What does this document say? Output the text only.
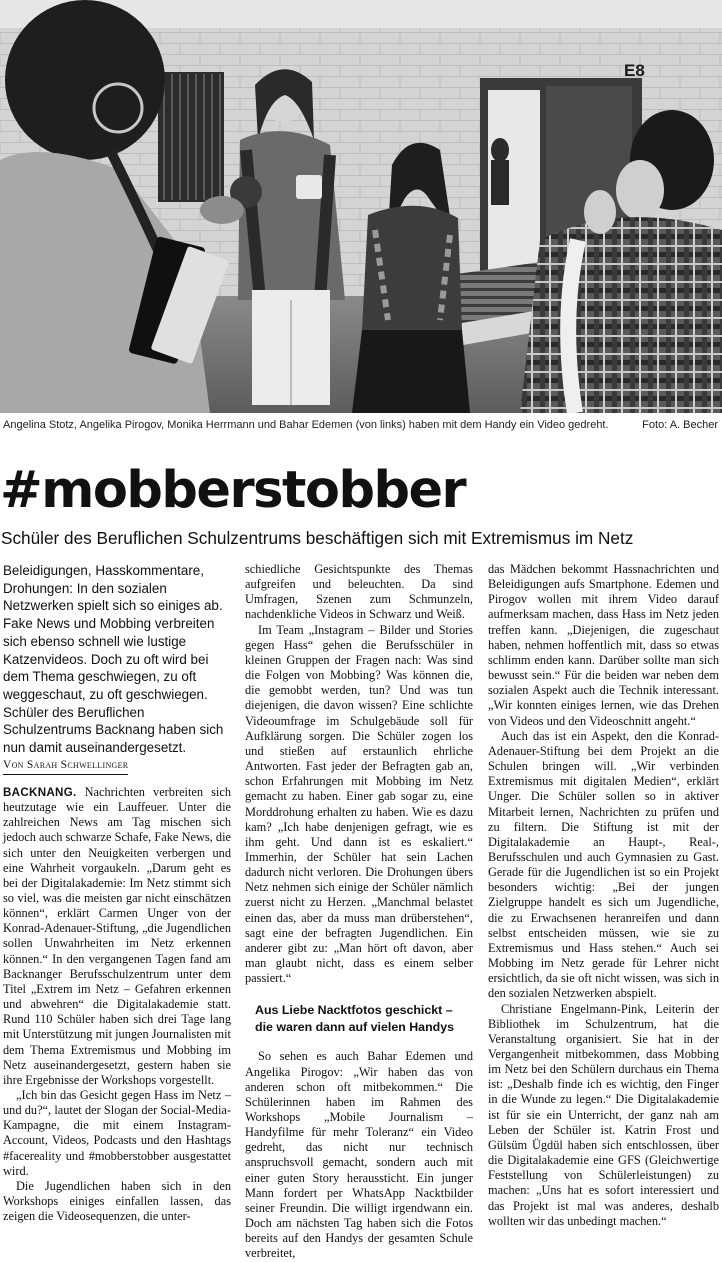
E8
Angelina Stotz, Angelika Pirogov, Monika Herrmann und Bahar Edemen (von links) haben mit dem Handy ein Video gedreht.	Foto: A. Becher
#mobberstobber
Schüler des Beruflichen Schulzentrums beschäftigen sich mit Extremismus im Netz

Beleidigungen, Hasskommentare, Drohungen: In den sozialen Netzwerken spielt sich so einiges ab. Fake News und Mobbing verbreiten sich ebenso schnell wie lustige Katzenvideos. Doch zu oft wird bei dem Thema geschwiegen, zu oft weggeschaut, zu oft geschwiegen. Schüler des Beruflichen Schulzentrums Backnang haben sich nun damit auseinandergesetzt.

Von Sarah Schwellinger

BACKNANG. Nachrichten verbreiten sich heutzutage wie ein Lauffeuer. Unter die zahlreichen News am Tag mischen sich jedoch auch schwarze Schafe, Fake News, die sich unter den Neuigkeiten verbergen und eine Wahrheit vorgaukeln. „Darum geht es bei der Digitalakademie: Im Netz stimmt sich so viel, was die meisten gar nicht einschätzen können“, erklärt Carmen Unger von der Konrad-Adenauer-Stiftung, „die Jugendlichen sollen Unwahrheiten im Netz erkennen können.“ In den vergangenen Tagen fand am Backnanger Berufsschulzentrum unter dem Titel „Extrem im Netz – Gefahren erkennen und abwehren“ die Digitalakademie statt. Rund 110 Schüler haben sich drei Tage lang mit Unterstützung mit jungen Journalisten mit dem Thema Extremismus und Mobbing im Netz auseinandergesetzt, gestern haben sie ihre Ergebnisse der Workshops vorgestellt.

„Ich bin das Gesicht gegen Hass im Netz – und du?“, lautet der Slogan der Social-Media-Kampagne, die mit einem Instagram-Account, Videos, Podcasts und den Hashtags #facereality und #mobberstobber ausgestattet wird.

Die Jugendlichen haben sich in den Workshops einiges einfallen lassen, das zeigen die Videosequenzen, die unter-

schiedliche Gesichtspunkte des Themas aufgreifen und beleuchten. Da sind Umfragen, Szenen zum Schmunzeln, nachdenkliche Videos in Schwarz und Weiß.

Im Team „Instagram – Bilder und Stories gegen Hass“ gehen die Berufsschüler in kleinen Gruppen der Fragen nach: Was sind die Folgen von Mobbing? Was können die, die gemobbt werden, tun? Und was tun diejenigen, die davon wissen? Eine schlichte Videoumfrage im Schulgebäude soll für Aufklärung sorgen. Die Schüler zogen los und stießen auf erstaunlich ehrliche Antworten. Fast jeder der Befragten gab an, schon Erfahrungen mit Mobbing im Netz gemacht zu haben. Einer gab sogar zu, eine Morddrohung erhalten zu haben. Wie es dazu kam? „Ich habe denjenigen gefragt, wie es ihm geht. Und dann ist es eskaliert.“ Immerhin, der Schüler hat sein Lachen dadurch nicht verloren. Die Drohungen übers Netz nehmen sich einige der Schüler nämlich zuerst nicht zu Herzen. „Manchmal belastet einen das, aber da muss man drüberstehen“, sagt eine der befragten Jugendlichen. Ein anderer gibt zu: „Man hört oft davon, aber man glaubt nicht, dass es einem selber passiert.“

Aus Liebe Nacktfotos geschickt – die waren dann auf vielen Handys

So sehen es auch Bahar Edemen und Angelika Pirogov: „Wir haben das von anderen schon oft mitbekommen.“ Die Schülerinnen haben im Rahmen des Workshops „Mobile Journalism – Handyfilme für mehr Toleranz“ ein Video gedreht, das nicht nur technisch anspruchsvoll gemacht, sondern auch mit einer guten Story heraussticht. Ein junger Mann fordert per WhatsApp Nacktbilder seiner Freundin. Die willigt irgendwann ein. Doch am nächsten Tag haben sich die Fotos bereits auf den Handys der gesamten Schule verbreitet,

das Mädchen bekommt Hassnachrichten und Beleidigungen aufs Smartphone. Edemen und Pirogov wollen mit ihrem Video darauf aufmerksam machen, dass Hass im Netz jeden treffen kann. „Diejenigen, die zugeschaut haben, nehmen hoffentlich mit, dass so etwas schlimm enden kann. Darüber sollte man sich bewusst sein.“ Für die beiden war neben dem sozialen Aspekt auch die Technik interessant. „Wir konnten einiges lernen, wie das Drehen von Videos und den Videoschnitt angeht.“

Auch das ist ein Aspekt, den die Konrad-Adenauer-Stiftung bei dem Projekt an die Schulen bringen will. „Wir verbinden Extremismus mit digitalen Medien“, erklärt Unger. Die Schüler sollen so in aktiver Mitarbeit lernen, Nachrichten zu prüfen und zu filtern. Die Stiftung ist mit der Digitalakademie an Haupt-, Real-, Berufsschulen und auch Gymnasien zu Gast. Gerade für die Jugendlichen ist so ein Projekt besonders wichtig: „Bei der jungen Zielgruppe handelt es sich um Jugendliche, die zu Erwachsenen heranreifen und dann selbst entscheiden müssen, wie sie zu Extremismus und Hass stehen.“ Auch sei Mobbing im Netz gerade für Lehrer nicht ersichtlich, da sie oft nicht wissen, was sich in den sozialen Netzwerken abspielt.

Christiane Engelmann-Pink, Leiterin der Bibliothek im Schulzentrum, hat die Veranstaltung organisiert. Sie hat in der Vergangenheit mitbekommen, dass Mobbing im Netz bei den Schülern durchaus ein Thema ist: „Deshalb finde ich es wichtig, den Finger in die Wunde zu legen.“ Die Digitalakademie ist für sie ein Unterricht, der ganz nah am Leben der Schüler ist. Katrin Frost und Gülsüm Ügdül haben sich entschlossen, über die Digitalakademie eine GFS (Gleichwertige Feststellung von Schülerleistungen) zu machen: „Uns hat es sofort interessiert und das Projekt ist mal was anderes, deshalb wollten wir das unbedingt machen.“
